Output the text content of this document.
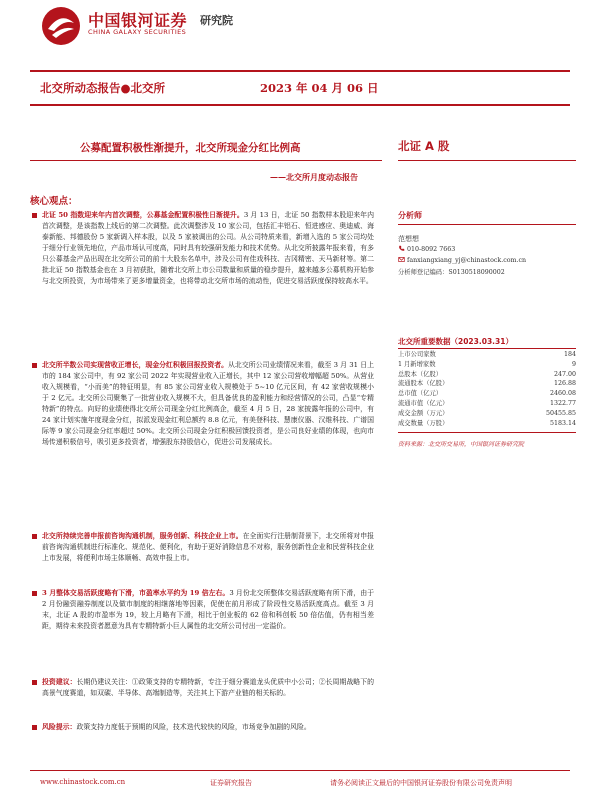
中国银河证券
CHINA GALAXY SECURITIES
研究院
北交所动态报告●北交所	2023 年 04 月 06 日
公募配置积极性渐提升，北交所现金分红比例高
——北交所月度动态报告
北证 A 股
核心观点：
北证 50 指数迎来年内首次调整，公募基金配置积极性日渐提升。3 月 13 日，北证 50 指数样本股迎来年内首次调整，是该指数上线后的第二次调整。此次调整涉及 10 家公司，包括汇丰铝石、恒进感应、奥迪威、海泰新能、邦德股份 5 家新调入样本股，以及 5 家被调出的公司。从公司特质来看，新增入选的 5 家公司均处于细分行业领先地位，产品市场认可度高，同时具有较强研发能力和技术优势。从北交所披露年报来看，有多只公募基金产品出现在北交所公司的前十大股东名单中，涉及公司有佳戏科技、吉冈精密、天马新材等。第二批北证 50 指数基金也在 3 月初获批，随着北交所上市公司数量和质量的稳步提升，越来越多公募机构开始参与北交所投资，为市场带来了更多增量资金，也将带动北交所市场的流动性，促进交易活跃度保持较高水平。
北交所半数公司实现营收正增长，现金分红积极回报投资者。从北交所公司业绩情况来看，截至 3 月 31 日上市的 184 家公司中，有 92 家公司 2022 年实现营业收入正增长，其中 12 家公司营收增幅超 50%。从营业收入规模看，“小而美”的特征明显，有 85 家公司营业收入规模处于 5~10 亿元区间，有 42 家营收规模小于 2 亿元。北交所公司聚集了一批营业收入规模不大，但具备优良的盈利能力和经营情况的公司，凸显“专精特新”的特点。向好的业绩使得北交所公司现金分红比例高企，截至 4 月 5 日，28 家披露年报的公司中，有 24 家计划实施年度现金分红，拟派发现金红利总额约 8.8 亿元，有美登科技、慧康仪器、汉维科技、广谱国际等 9 家公司现金分红率超过 50%。北交所公司现金分红积极回馈投资者，是公司良好业绩的体现，也向市场传递积极信号，吸引更多投资者，增强股东持股信心，促进公司发展成长。
北交所持续完善申报前咨询沟通机制，服务创新、科技企业上市。在全面实行注册制背景下，北交所将对申报前咨询沟通机制进行标准化、规范化、便利化，有助于更好消除信息不对称，服务创新性企业和民营科技企业上市发展，将便利市场主体顺畅、高效申报上市。
3 月整体交易活跃度略有下滑，市盈率水平约为 19 倍左右。3 月份北交所整体交易活跃度略有所下滑，由于 2 月份融资融券制度以及做市制度的相继落地等因素，促使在前月形成了阶段性交易活跃度高点。截至 3 月末，北证 A 股的市盈率为 19，较上月略有下滑，相比于创业板的 62 倍和科创板 50 倍估值，仍有相当差距，期待未来投资者愿意为具有专精特新小巨人属性的北交所公司付出一定溢价。
投资建议：长期仍建议关注：①政策支持的专精特新，专注于细分赛道龙头优质中小公司；②长周期战略下的高景气度赛道，如双碳、半导体、高端制造等，关注其上下游产业链的相关标的。
风险提示：政策支持力度低于预期的风险，技术迭代较快的风险，市场竞争加剧的风险。
分析师
范想想
010-8092 7663
fanxiangxiang_yj@chinastock.com.cn
分析师登记编码：S0130518090002
北交所重要数据（2023.03.31）
上市公司家数	184
1 月新增家数	9
总股本（亿股）	247.00
流通股本（亿股）	126.88
总市值（亿元）	2460.08
流通市值（亿元）	1322.77
成交金额（万元）	50455.85
成交数量（万股）	5183.14
资料来源：北交所交易所，中国银河证券研究院
www.chinastock.com.cn	证券研究报告	请务必阅读正文最后的中国银河证券股份有限公司免责声明
